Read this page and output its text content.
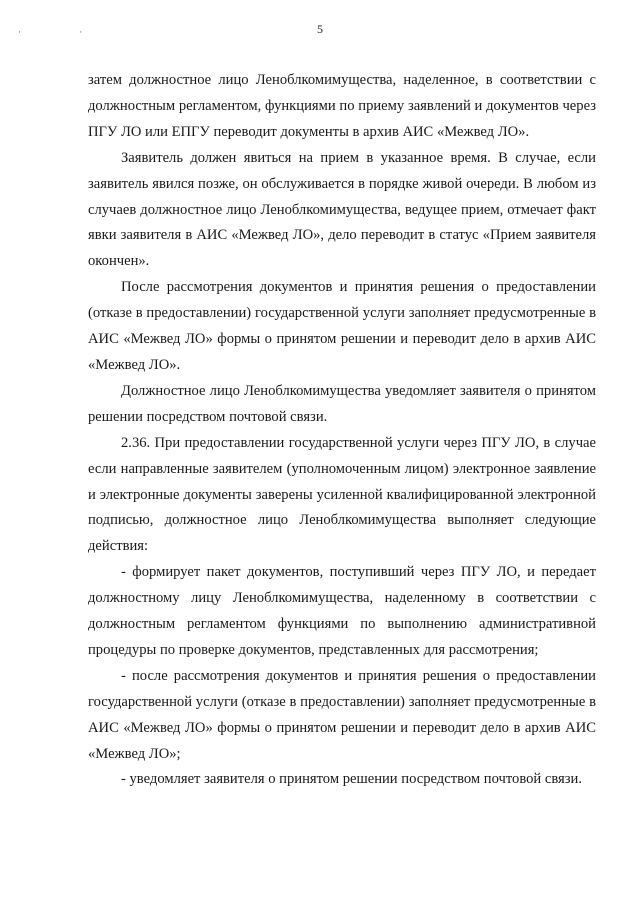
· ·	5

затем должностное лицо Леноблкомимущества, наделенное, в соответствии с должностным регламентом, функциями по приему заявлений и документов через ПГУ ЛО или ЕПГУ переводит документы в архив АИС «Межвед ЛО».

Заявитель должен явиться на прием в указанное время. В случае, если заявитель явился позже, он обслуживается в порядке живой очереди. В любом из случаев должностное лицо Леноблкомимущества, ведущее прием, отмечает факт явки заявителя в АИС «Межвед ЛО», дело переводит в статус «Прием заявителя окончен».

После рассмотрения документов и принятия решения о предоставлении (отказе в предоставлении) государственной услуги заполняет предусмотренные в АИС «Межвед ЛО» формы о принятом решении и переводит дело в архив АИС «Межвед ЛО».

Должностное лицо Леноблкомимущества уведомляет заявителя о принятом решении посредством почтовой связи.

2.36. При предоставлении государственной услуги через ПГУ ЛО, в случае если направленные заявителем (уполномоченным лицом) электронное заявление и электронные документы заверены усиленной квалифицированной электронной подписью, должностное лицо Леноблкомимущества выполняет следующие действия:

- формирует пакет документов, поступивший через ПГУ ЛО, и передает должностному лицу Леноблкомимущества, наделенному в соответствии с должностным регламентом функциями по выполнению административной процедуры по проверке документов, представленных для рассмотрения;

- после рассмотрения документов и принятия решения о предоставлении государственной услуги (отказе в предоставлении) заполняет предусмотренные в АИС «Межвед ЛО» формы о принятом решении и переводит дело в архив АИС «Межвед ЛО»;

- уведомляет заявителя о принятом решении посредством почтовой связи.
